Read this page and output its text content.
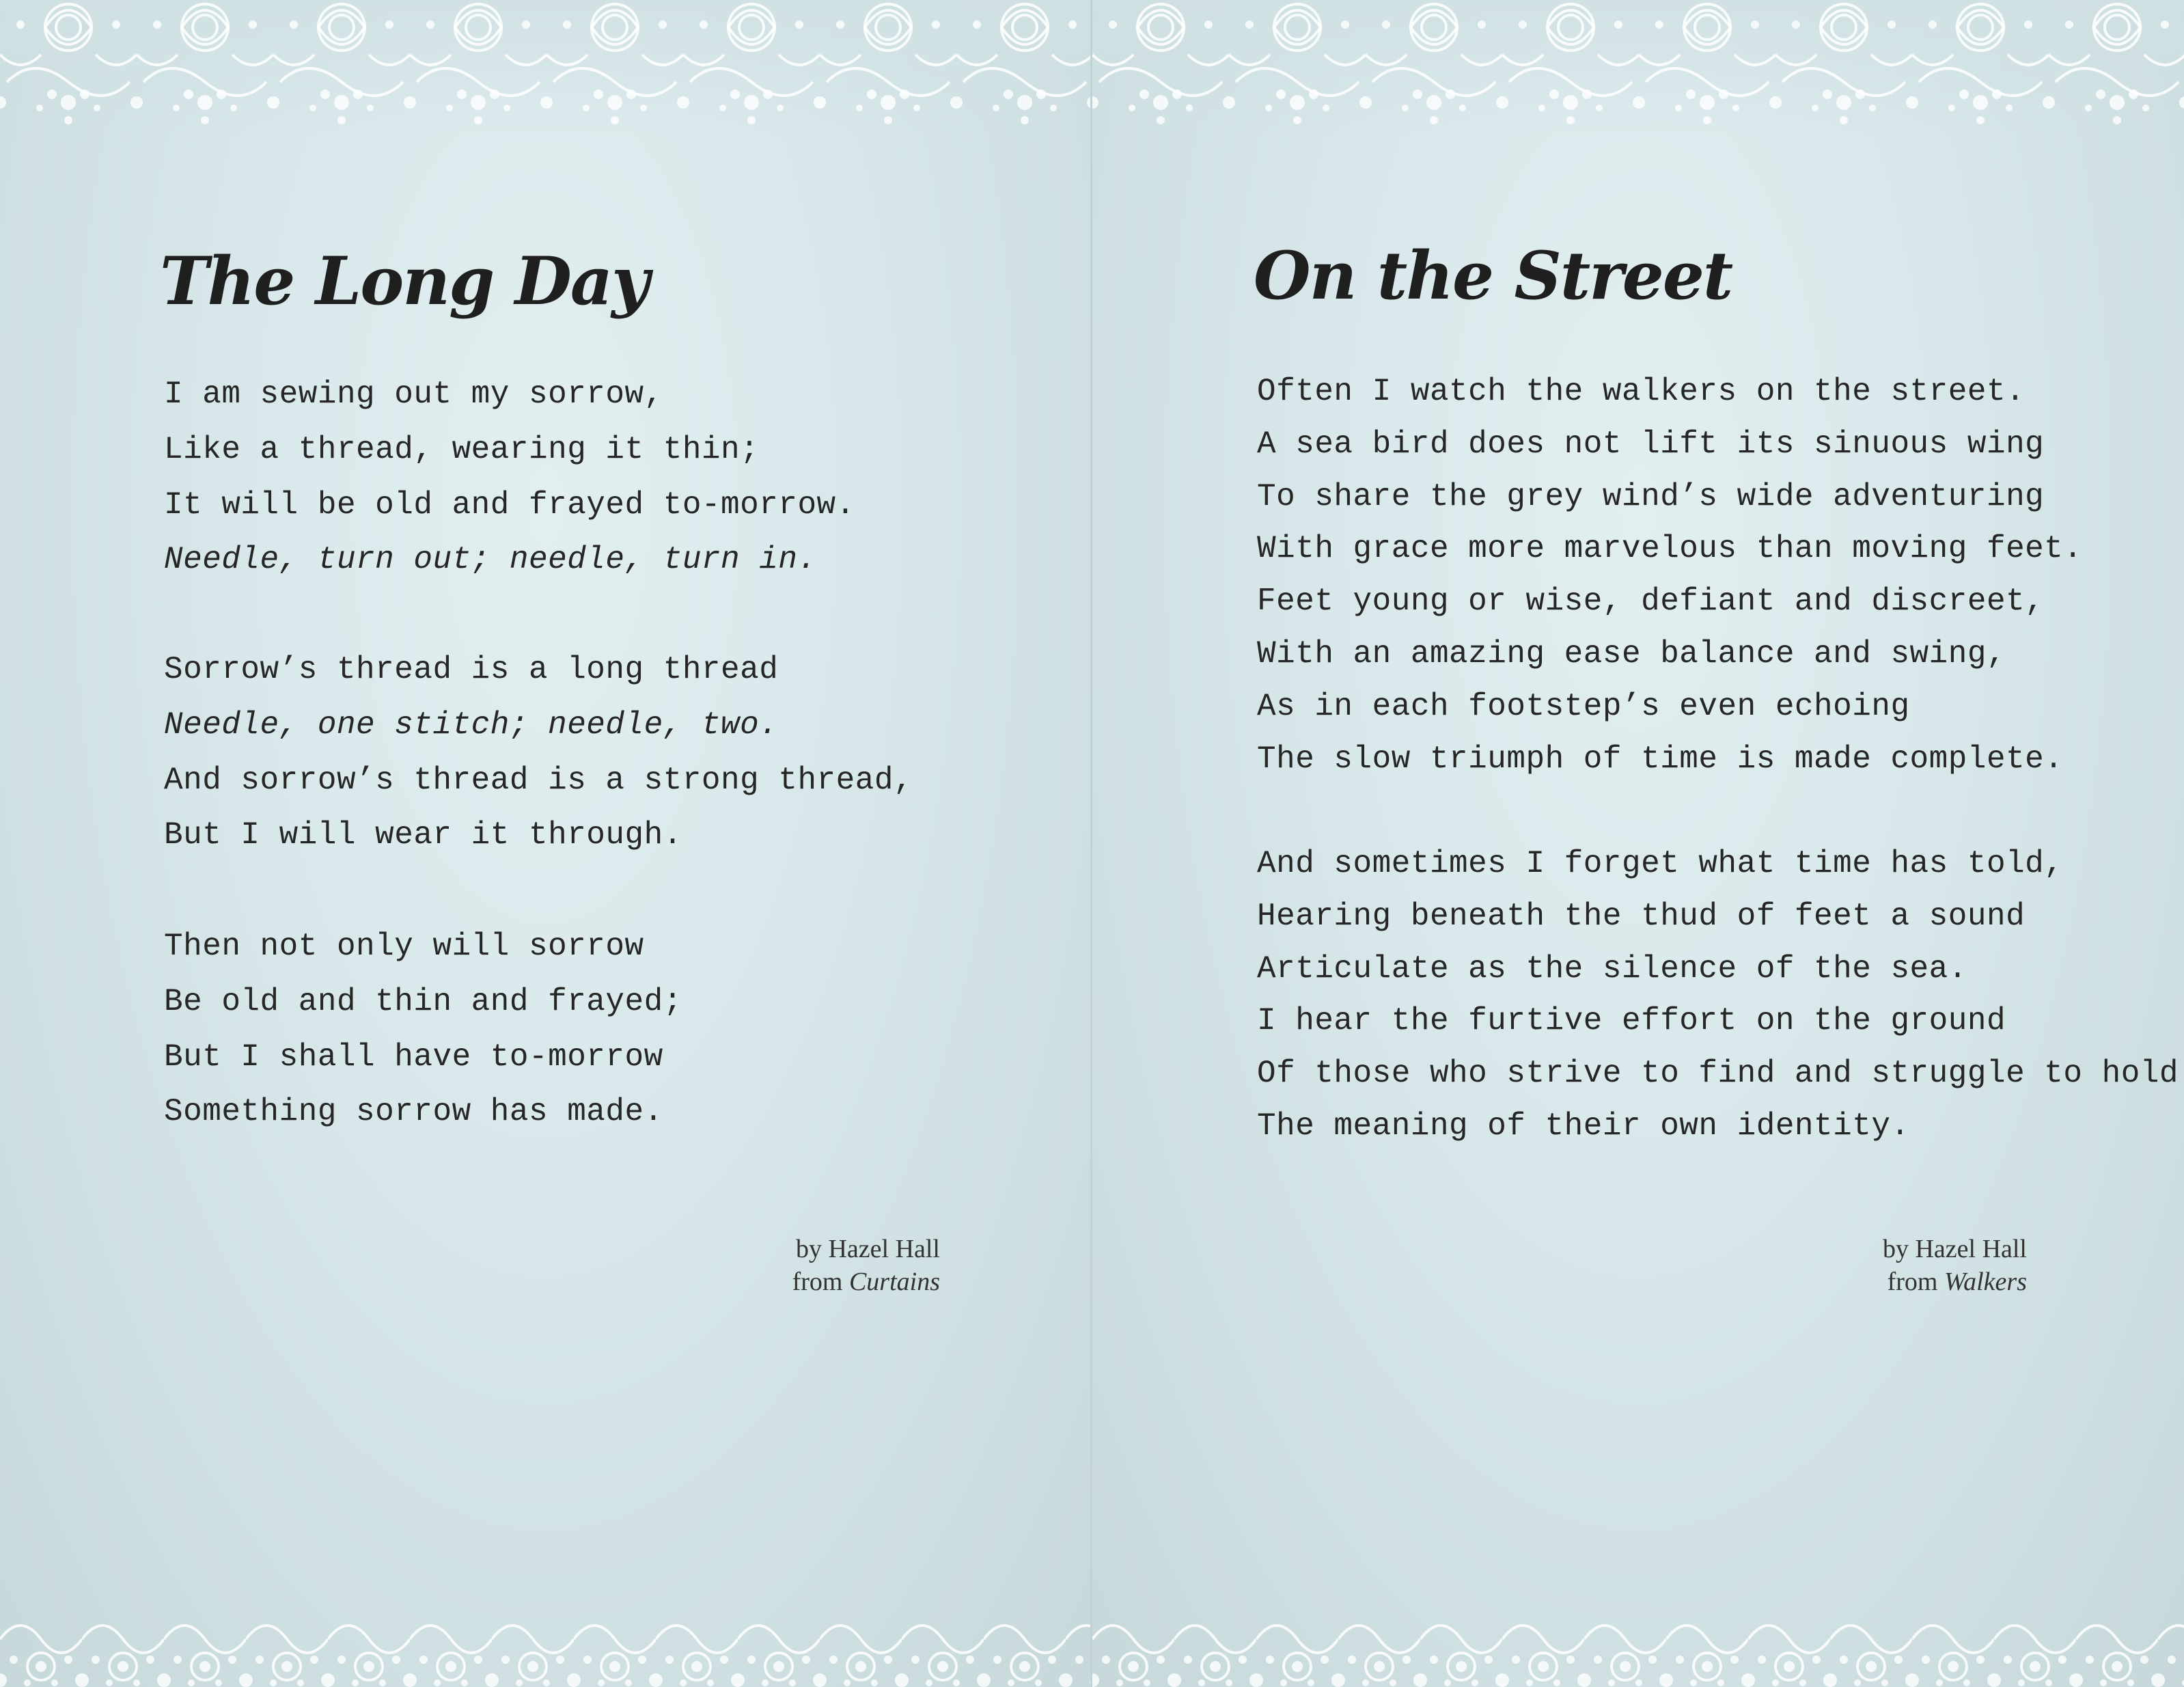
The Long Day
I am sewing out my sorrow,
Like a thread, wearing it thin;
It will be old and frayed to-morrow.
Needle, turn out; needle, turn in.
Sorrow’s thread is a long thread
Needle, one stitch; needle, two.
And sorrow’s thread is a strong thread,
But I will wear it through.
Then not only will sorrow
Be old and thin and frayed;
But I shall have to-morrow
Something sorrow has made.
by Hazel Hall
from Curtains
On the Street
Often I watch the walkers on the street.
A sea bird does not lift its sinuous wing
To share the grey wind’s wide adventuring
With grace more marvelous than moving feet.
Feet young or wise, defiant and discreet,
With an amazing ease balance and swing,
As in each footstep’s even echoing
The slow triumph of time is made complete.
And sometimes I forget what time has told,
Hearing beneath the thud of feet a sound
Articulate as the silence of the sea.
I hear the furtive effort on the ground
Of those who strive to find and struggle to hold
The meaning of their own identity.
by Hazel Hall
from Walkers
